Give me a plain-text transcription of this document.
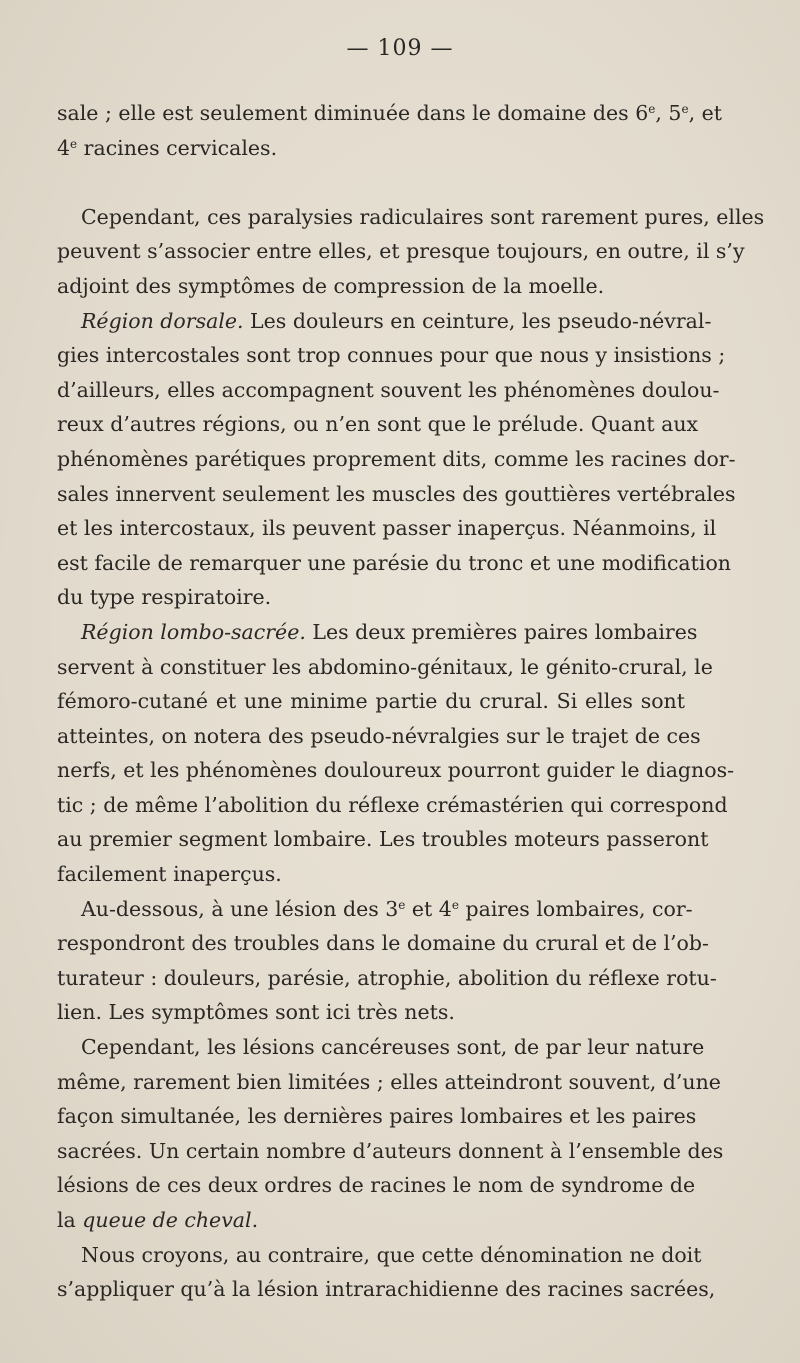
— 109 —
sale ; elle est seulement diminuée dans le domaine des 6e, 5e, et
4e racines cervicales.
Cependant, ces paralysies radiculaires sont rarement pures, elles
peuvent s’associer entre elles, et presque toujours, en outre, il s’y
adjoint des symptômes de compression de la moelle.
Région dorsale. Les douleurs en ceinture, les pseudo-névral-
gies intercostales sont trop connues pour que nous y insistions ;
d’ailleurs, elles accompagnent souvent les phénomènes doulou-
reux d’autres régions, ou n’en sont que le prélude. Quant aux
phénomènes parétiques proprement dits, comme les racines dor-
sales innervent seulement les muscles des gouttières vertébrales
et les intercostaux, ils peuvent passer inaperçus. Néanmoins, il
est facile de remarquer une parésie du tronc et une modification
du type respiratoire.
Région lombo-sacrée. Les deux premières paires lombaires
servent à constituer les abdomino-génitaux, le génito-crural, le
fémoro-cutané et une minime partie du crural. Si elles sont
atteintes, on notera des pseudo-névralgies sur le trajet de ces
nerfs, et les phénomènes douloureux pourront guider le diagnos-
tic ; de même l’abolition du réflexe crémastérien qui correspond
au premier segment lombaire. Les troubles moteurs passeront
facilement inaperçus.
Au-dessous, à une lésion des 3e et 4e paires lombaires, cor-
respondront des troubles dans le domaine du crural et de l’ob-
turateur : douleurs, parésie, atrophie, abolition du réflexe rotu-
lien. Les symptômes sont ici très nets.
Cependant, les lésions cancéreuses sont, de par leur nature
même, rarement bien limitées ; elles atteindront souvent, d’une
façon simultanée, les dernières paires lombaires et les paires
sacrées. Un certain nombre d’auteurs donnent à l’ensemble des
lésions de ces deux ordres de racines le nom de syndrome de
la queue de cheval.
Nous croyons, au contraire, que cette dénomination ne doit
s’appliquer qu’à la lésion intrarachidienne des racines sacrées,
